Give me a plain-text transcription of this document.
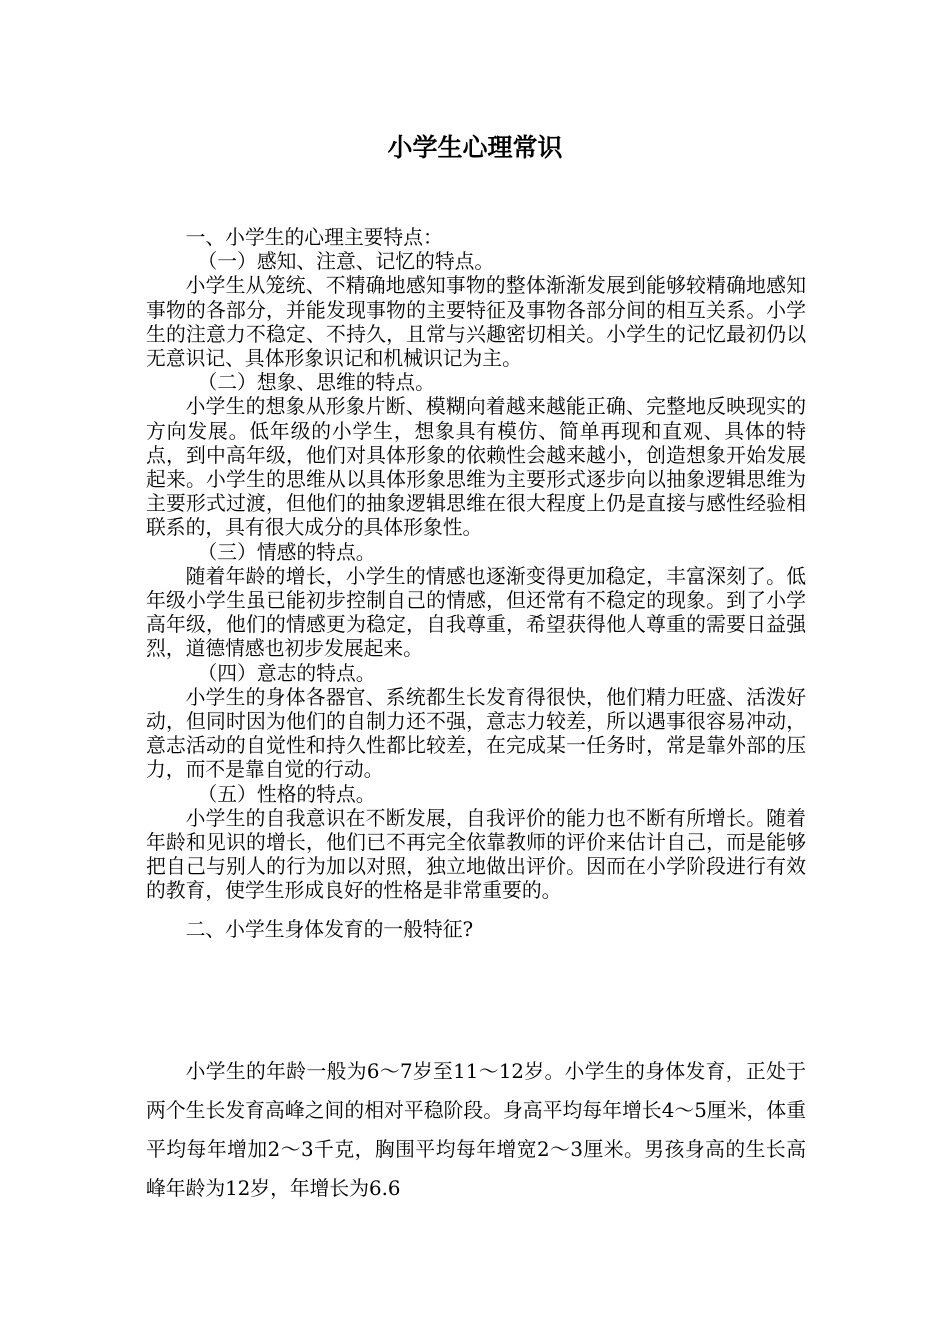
小学生心理常识

一、小学生的心理主要特点：

（一）感知、注意、记忆的特点。

小学生从笼统、不精确地感知事物的整体渐渐发展到能够较精确地感知事物的各部分，并能发现事物的主要特征及事物各部分间的相互关系。小学生的注意力不稳定、不持久，且常与兴趣密切相关。小学生的记忆最初仍以无意识记、具体形象识记和机械识记为主。

（二）想象、思维的特点。

小学生的想象从形象片断、模糊向着越来越能正确、完整地反映现实的方向发展。低年级的小学生，想象具有模仿、简单再现和直观、具体的特点，到中高年级，他们对具体形象的依赖性会越来越小，创造想象开始发展起来。小学生的思维从以具体形象思维为主要形式逐步向以抽象逻辑思维为主要形式过渡，但他们的抽象逻辑思维在很大程度上仍是直接与感性经验相联系的，具有很大成分的具体形象性。

（三）情感的特点。

随着年龄的增长，小学生的情感也逐渐变得更加稳定，丰富深刻了。低年级小学生虽已能初步控制自己的情感，但还常有不稳定的现象。到了小学高年级，他们的情感更为稳定，自我尊重，希望获得他人尊重的需要日益强烈，道德情感也初步发展起来。

（四）意志的特点。

小学生的身体各器官、系统都生长发育得很快，他们精力旺盛、活泼好动，但同时因为他们的自制力还不强，意志力较差，所以遇事很容易冲动，意志活动的自觉性和持久性都比较差，在完成某一任务时，常是靠外部的压力，而不是靠自觉的行动。

（五）性格的特点。

小学生的自我意识在不断发展，自我评价的能力也不断有所增长。随着年龄和见识的增长，他们已不再完全依靠教师的评价来估计自己，而是能够把自己与别人的行为加以对照，独立地做出评价。因而在小学阶段进行有效的教育，使学生形成良好的性格是非常重要的。

二、小学生身体发育的一般特征?

小学生的年龄一般为6～7岁至11～12岁。小学生的身体发育，正处于两个生长发育高峰之间的相对平稳阶段。身高平均每年增长4～5厘米，体重平均每年增加2～3千克，胸围平均每年增宽2～3厘米。男孩身高的生长高峰年龄为12岁，年增长为6.6
